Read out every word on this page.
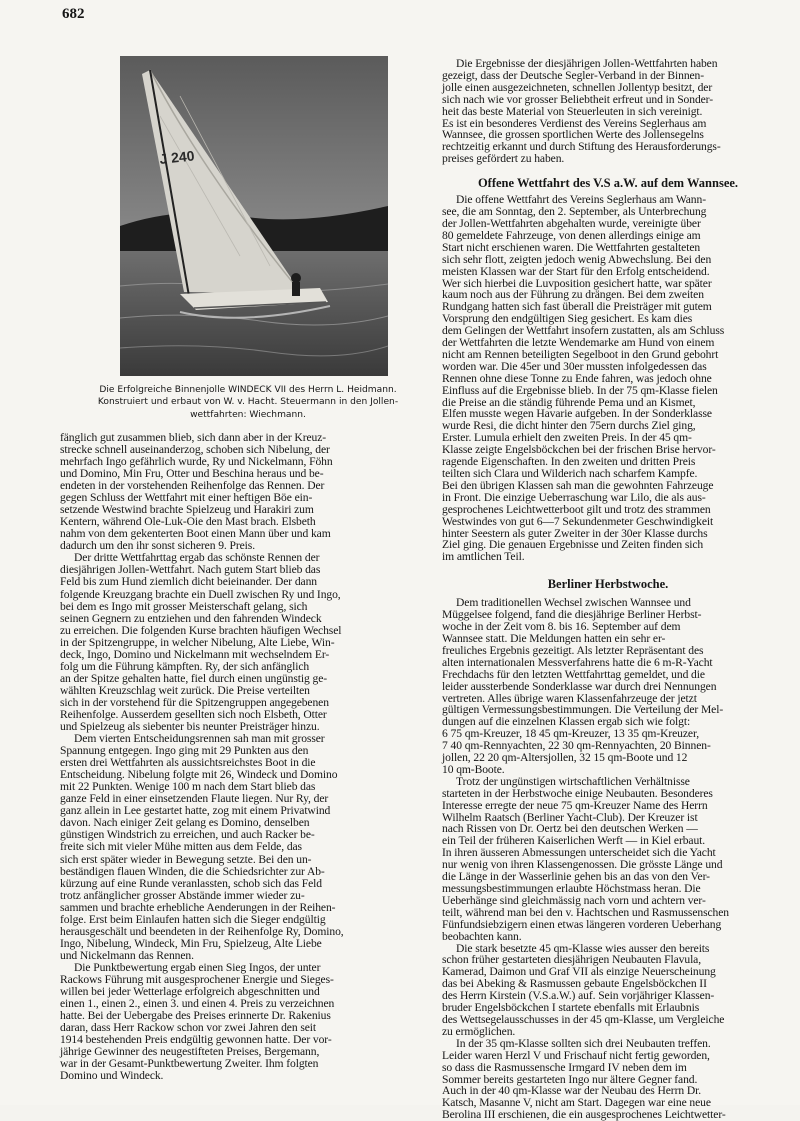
682
J 240
Die Erfolgreiche Binnenjolle WINDECK VII des Herrn L. Heidmann.
Konstruiert und erbaut von W. v. Hacht. Steuermann in den Jollen-
wettfahrten: Wiechmann.
fänglich gut zusammen blieb, sich dann aber in der Kreuz-
strecke schnell auseinanderzog, schoben sich Nibelung, der
mehrfach Ingo gefährlich wurde, Ry und Nickelmann, Föhn
und Domino, Min Fru, Otter und Beschina heraus und be-
endeten in der vorstehenden Reihenfolge das Rennen. Der
gegen Schluss der Wettfahrt mit einer heftigen Böe ein-
setzende Westwind brachte Spielzeug und Harakiri zum
Kentern, während Ole-Luk-Oie den Mast brach. Elsbeth
nahm von dem gekenterten Boot einen Mann über und kam
dadurch um den ihr sonst sicheren 9. Preis.
Der dritte Wettfahrttag ergab das schönste Rennen der
diesjährigen Jollen-Wettfahrt. Nach gutem Start blieb das
Feld bis zum Hund ziemlich dicht beieinander. Der dann
folgende Kreuzgang brachte ein Duell zwischen Ry und Ingo,
bei dem es Ingo mit grosser Meisterschaft gelang, sich
seinen Gegnern zu entziehen und den fahrenden Windeck
zu erreichen. Die folgenden Kurse brachten häufigen Wechsel
in der Spitzengruppe, in welcher Nibelung, Alte Liebe, Win-
deck, Ingo, Domino und Nickelmann mit wechselndem Er-
folg um die Führung kämpften. Ry, der sich anfänglich
an der Spitze gehalten hatte, fiel durch einen ungünstig ge-
wählten Kreuzschlag weit zurück. Die Preise verteilten
sich in der vorstehend für die Spitzengruppen angegebenen
Reihenfolge. Ausserdem gesellten sich noch Elsbeth, Otter
und Spielzeug als siebenter bis neunter Preisträger hinzu.
Dem vierten Entscheidungsrennen sah man mit grosser
Spannung entgegen. Ingo ging mit 29 Punkten aus den
ersten drei Wettfahrten als aussichtsreichstes Boot in die
Entscheidung. Nibelung folgte mit 26, Windeck und Domino
mit 22 Punkten. Wenige 100 m nach dem Start blieb das
ganze Feld in einer einsetzenden Flaute liegen. Nur Ry, der
ganz allein in Lee gestartet hatte, zog mit einem Privatwind
davon. Nach einiger Zeit gelang es Domino, denselben
günstigen Windstrich zu erreichen, und auch Racker be-
freite sich mit vieler Mühe mitten aus dem Felde, das
sich erst später wieder in Bewegung setzte. Bei den un-
beständigen flauen Winden, die die Schiedsrichter zur Ab-
kürzung auf eine Runde veranlassten, schob sich das Feld
trotz anfänglicher grosser Abstände immer wieder zu-
sammen und brachte erhebliche Aenderungen in der Reihen-
folge. Erst beim Einlaufen hatten sich die Sieger endgültig
herausgeschält und beendeten in der Reihenfolge Ry, Domino,
Ingo, Nibelung, Windeck, Min Fru, Spielzeug, Alte Liebe
und Nickelmann das Rennen.
Die Punktbewertung ergab einen Sieg Ingos, der unter
Rackows Führung mit ausgesprochener Energie und Sieges-
willen bei jeder Wetterlage erfolgreich abgeschnitten und
einen 1., einen 2., einen 3. und einen 4. Preis zu verzeichnen
hatte. Bei der Uebergabe des Preises erinnerte Dr. Rakenius
daran, dass Herr Rackow schon vor zwei Jahren den seit
1914 bestehenden Preis endgültig gewonnen hatte. Der vor-
jährige Gewinner des neugestifteten Preises, Bergemann,
war in der Gesamt-Punktbewertung Zweiter. Ihm folgten
Domino und Windeck.
Die Ergebnisse der diesjährigen Jollen-Wettfahrten haben
gezeigt, dass der Deutsche Segler-Verband in der Binnen-
jolle einen ausgezeichneten, schnellen Jollentyp besitzt, der
sich nach wie vor grosser Beliebtheit erfreut und in Sonder-
heit das beste Material von Steuerleuten in sich vereinigt.
Es ist ein besonderes Verdienst des Vereins Seglerhaus am
Wannsee, die grossen sportlichen Werte des Jollensegelns
rechtzeitig erkannt und durch Stiftung des Herausforderungs-
preises gefördert zu haben.
Offene Wettfahrt des V.S a.W. auf dem Wannsee.
Die offene Wettfahrt des Vereins Seglerhaus am Wann-
see, die am Sonntag, den 2. September, als Unterbrechung
der Jollen-Wettfahrten abgehalten wurde, vereinigte über
80 gemeldete Fahrzeuge, von denen allerdings einige am
Start nicht erschienen waren. Die Wettfahrten gestalteten
sich sehr flott, zeigten jedoch wenig Abwechslung. Bei den
meisten Klassen war der Start für den Erfolg entscheidend.
Wer sich hierbei die Luvposition gesichert hatte, war später
kaum noch aus der Führung zu drängen. Bei dem zweiten
Rundgang hatten sich fast überall die Preisträger mit gutem
Vorsprung den endgültigen Sieg gesichert. Es kam dies
dem Gelingen der Wettfahrt insofern zustatten, als am Schluss
der Wettfahrten die letzte Wendemarke am Hund von einem
nicht am Rennen beteiligten Segelboot in den Grund gebohrt
worden war. Die 45er und 30er mussten infolgedessen das
Rennen ohne diese Tonne zu Ende fahren, was jedoch ohne
Einfluss auf die Ergebnisse blieb. In der 75 qm-Klasse fielen
die Preise an die ständig führende Pema und an Kismet,
Elfen musste wegen Havarie aufgeben. In der Sonderklasse
wurde Resi, die dicht hinter den 75ern durchs Ziel ging,
Erster. Lumula erhielt den zweiten Preis. In der 45 qm-
Klasse zeigte Engelsböckchen bei der frischen Brise hervor-
ragende Eigenschaften. In den zweiten und dritten Preis
teilten sich Clara und Wilderich nach scharfem Kampfe.
Bei den übrigen Klassen sah man die gewohnten Fahrzeuge
in Front. Die einzige Ueberraschung war Lilo, die als aus-
gesprochenes Leichtwetterboot gilt und trotz des strammen
Westwindes von gut 6—7 Sekundenmeter Geschwindigkeit
hinter Seestern als guter Zweiter in der 30er Klasse durchs
Ziel ging. Die genauen Ergebnisse und Zeiten finden sich
im amtlichen Teil.
Berliner Herbstwoche.
Dem traditionellen Wechsel zwischen Wannsee und
Müggelsee folgend, fand die diesjährige Berliner Herbst-
woche in der Zeit vom 8. bis 16. September auf dem
Wannsee statt. Die Meldungen hatten ein sehr er-
freuliches Ergebnis gezeitigt. Als letzter Repräsentant des
alten internationalen Messverfahrens hatte die 6 m-R-Yacht
Frechdachs für den letzten Wettfahrttag gemeldet, und die
leider aussterbende Sonderklasse war durch drei Nennungen
vertreten. Alles übrige waren Klassenfahrzeuge der jetzt
gültigen Vermessungsbestimmungen. Die Verteilung der Mel-
dungen auf die einzelnen Klassen ergab sich wie folgt:
6 75 qm-Kreuzer, 18 45 qm-Kreuzer, 13 35 qm-Kreuzer,
7 40 qm-Rennyachten, 22 30 qm-Rennyachten, 20 Binnen-
jollen, 22 20 qm-Altersjollen, 32 15 qm-Boote und 12
10 qm-Boote.
Trotz der ungünstigen wirtschaftlichen Verhältnisse
starteten in der Herbstwoche einige Neubauten. Besonderes
Interesse erregte der neue 75 qm-Kreuzer Name des Herrn
Wilhelm Raatsch (Berliner Yacht-Club). Der Kreuzer ist
nach Rissen von Dr. Oertz bei den deutschen Werken —
ein Teil der früheren Kaiserlichen Werft — in Kiel erbaut.
In ihren äusseren Abmessungen unterscheidet sich die Yacht
nur wenig von ihren Klassengenossen. Die grösste Länge und
die Länge in der Wasserlinie gehen bis an das von den Ver-
messungsbestimmungen erlaubte Höchstmass heran. Die
Ueberhänge sind gleichmässig nach vorn und achtern ver-
teilt, während man bei den v. Hachtschen und Rasmussenschen
Fünfundsiebzigern einen etwas längeren vorderen Ueberhang
beobachten kann.
Die stark besetzte 45 qm-Klasse wies ausser den bereits
schon früher gestarteten diesjährigen Neubauten Flavula,
Kamerad, Daimon und Graf VII als einzige Neuerscheinung
das bei Abeking & Rasmussen gebaute Engelsböckchen II
des Herrn Kirstein (V.S.a.W.) auf. Sein vorjähriger Klassen-
bruder Engelsböckchen I startete ebenfalls mit Erlaubnis
des Wettsegelausschusses in der 45 qm-Klasse, um Vergleiche
zu ermöglichen.
In der 35 qm-Klasse sollten sich drei Neubauten treffen.
Leider waren Herzl V und Frischauf nicht fertig geworden,
so dass die Rasmussensche Irmgard IV neben dem im
Sommer bereits gestarteten Ingo nur ältere Gegner fand.
Auch in der 40 qm-Klasse war der Neubau des Herrn Dr.
Katsch, Masanne V, nicht am Start. Dagegen war eine neue
Berolina III erschienen, die ein ausgesprochenes Leichtwetter-
